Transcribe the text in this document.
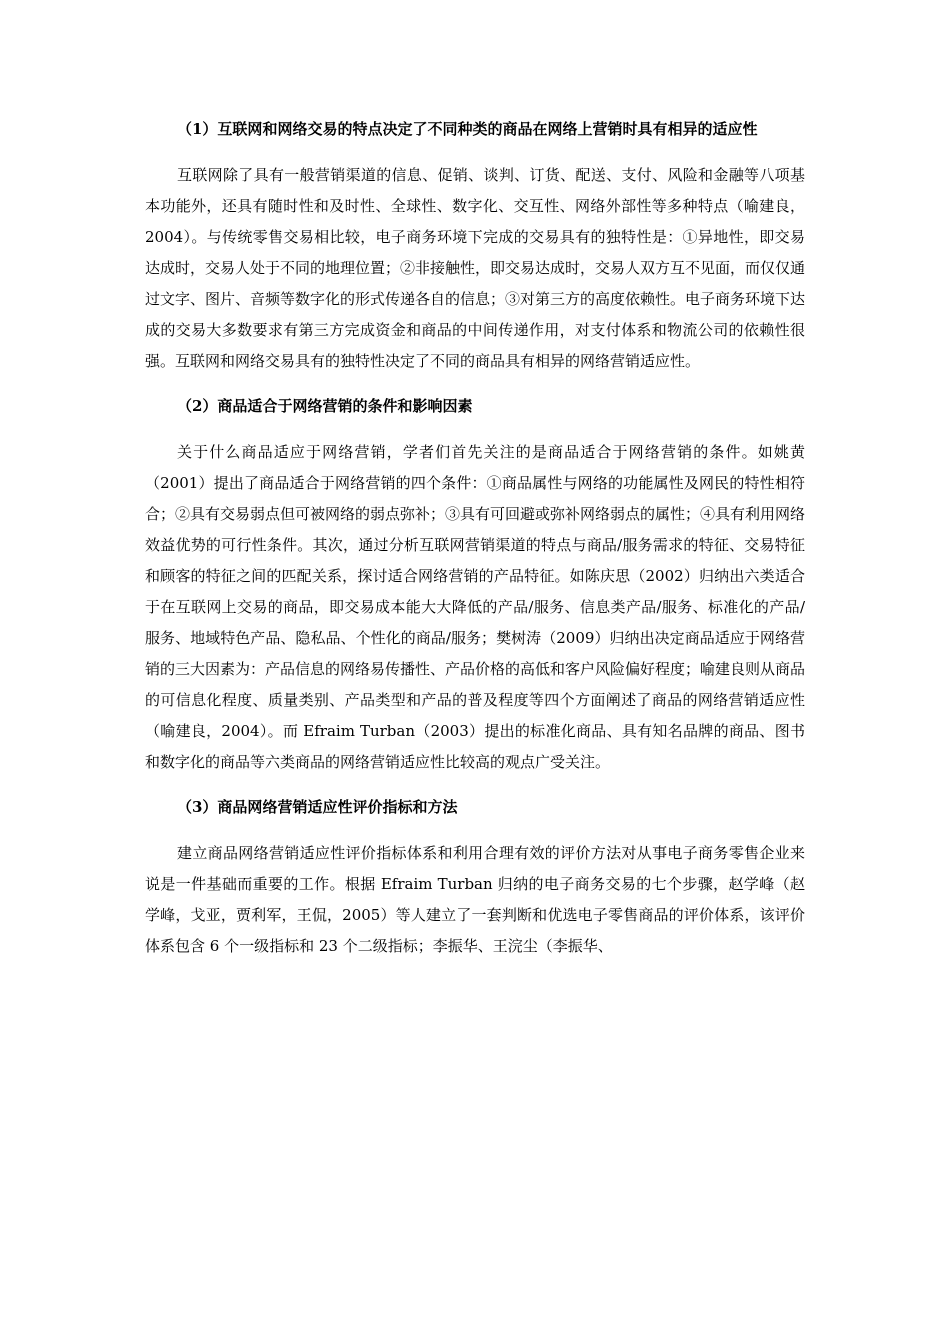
（1）互联网和网络交易的特点决定了不同种类的商品在网络上营销时具有相异的适应性

互联网除了具有一般营销渠道的信息、促销、谈判、订货、配送、支付、风险和金融等八项基本功能外，还具有随时性和及时性、全球性、数字化、交互性、网络外部性等多种特点（喻建良，2004）。与传统零售交易相比较，电子商务环境下完成的交易具有的独特性是：①异地性，即交易达成时，交易人处于不同的地理位置；②非接触性，即交易达成时，交易人双方互不见面，而仅仅通过文字、图片、音频等数字化的形式传递各自的信息；③对第三方的高度依赖性。电子商务环境下达成的交易大多数要求有第三方完成资金和商品的中间传递作用，对支付体系和物流公司的依赖性很强。互联网和网络交易具有的独特性决定了不同的商品具有相异的网络营销适应性。

（2）商品适合于网络营销的条件和影响因素

关于什么商品适应于网络营销，学者们首先关注的是商品适合于网络营销的条件。如姚黄（2001）提出了商品适合于网络营销的四个条件：①商品属性与网络的功能属性及网民的特性相符合；②具有交易弱点但可被网络的弱点弥补；③具有可回避或弥补网络弱点的属性；④具有利用网络效益优势的可行性条件。其次，通过分析互联网营销渠道的特点与商品/服务需求的特征、交易特征和顾客的特征之间的匹配关系，探讨适合网络营销的产品特征。如陈庆思（2002）归纳出六类适合于在互联网上交易的商品，即交易成本能大大降低的产品/服务、信息类产品/服务、标准化的产品/服务、地域特色产品、隐私品、个性化的商品/服务；樊树涛（2009）归纳出决定商品适应于网络营销的三大因素为：产品信息的网络易传播性、产品价格的高低和客户风险偏好程度；喻建良则从商品的可信息化程度、质量类别、产品类型和产品的普及程度等四个方面阐述了商品的网络营销适应性（喻建良，2004）。而 Efraim Turban（2003）提出的标准化商品、具有知名品牌的商品、图书和数字化的商品等六类商品的网络营销适应性比较高的观点广受关注。

（3）商品网络营销适应性评价指标和方法

建立商品网络营销适应性评价指标体系和利用合理有效的评价方法对从事电子商务零售企业来说是一件基础而重要的工作。根据 Efraim Turban 归纳的电子商务交易的七个步骤，赵学峰（赵学峰，戈亚，贾利军，王侃，2005）等人建立了一套判断和优选电子零售商品的评价体系，该评价体系包含 6 个一级指标和 23 个二级指标；李振华、王浣尘（李振华、
